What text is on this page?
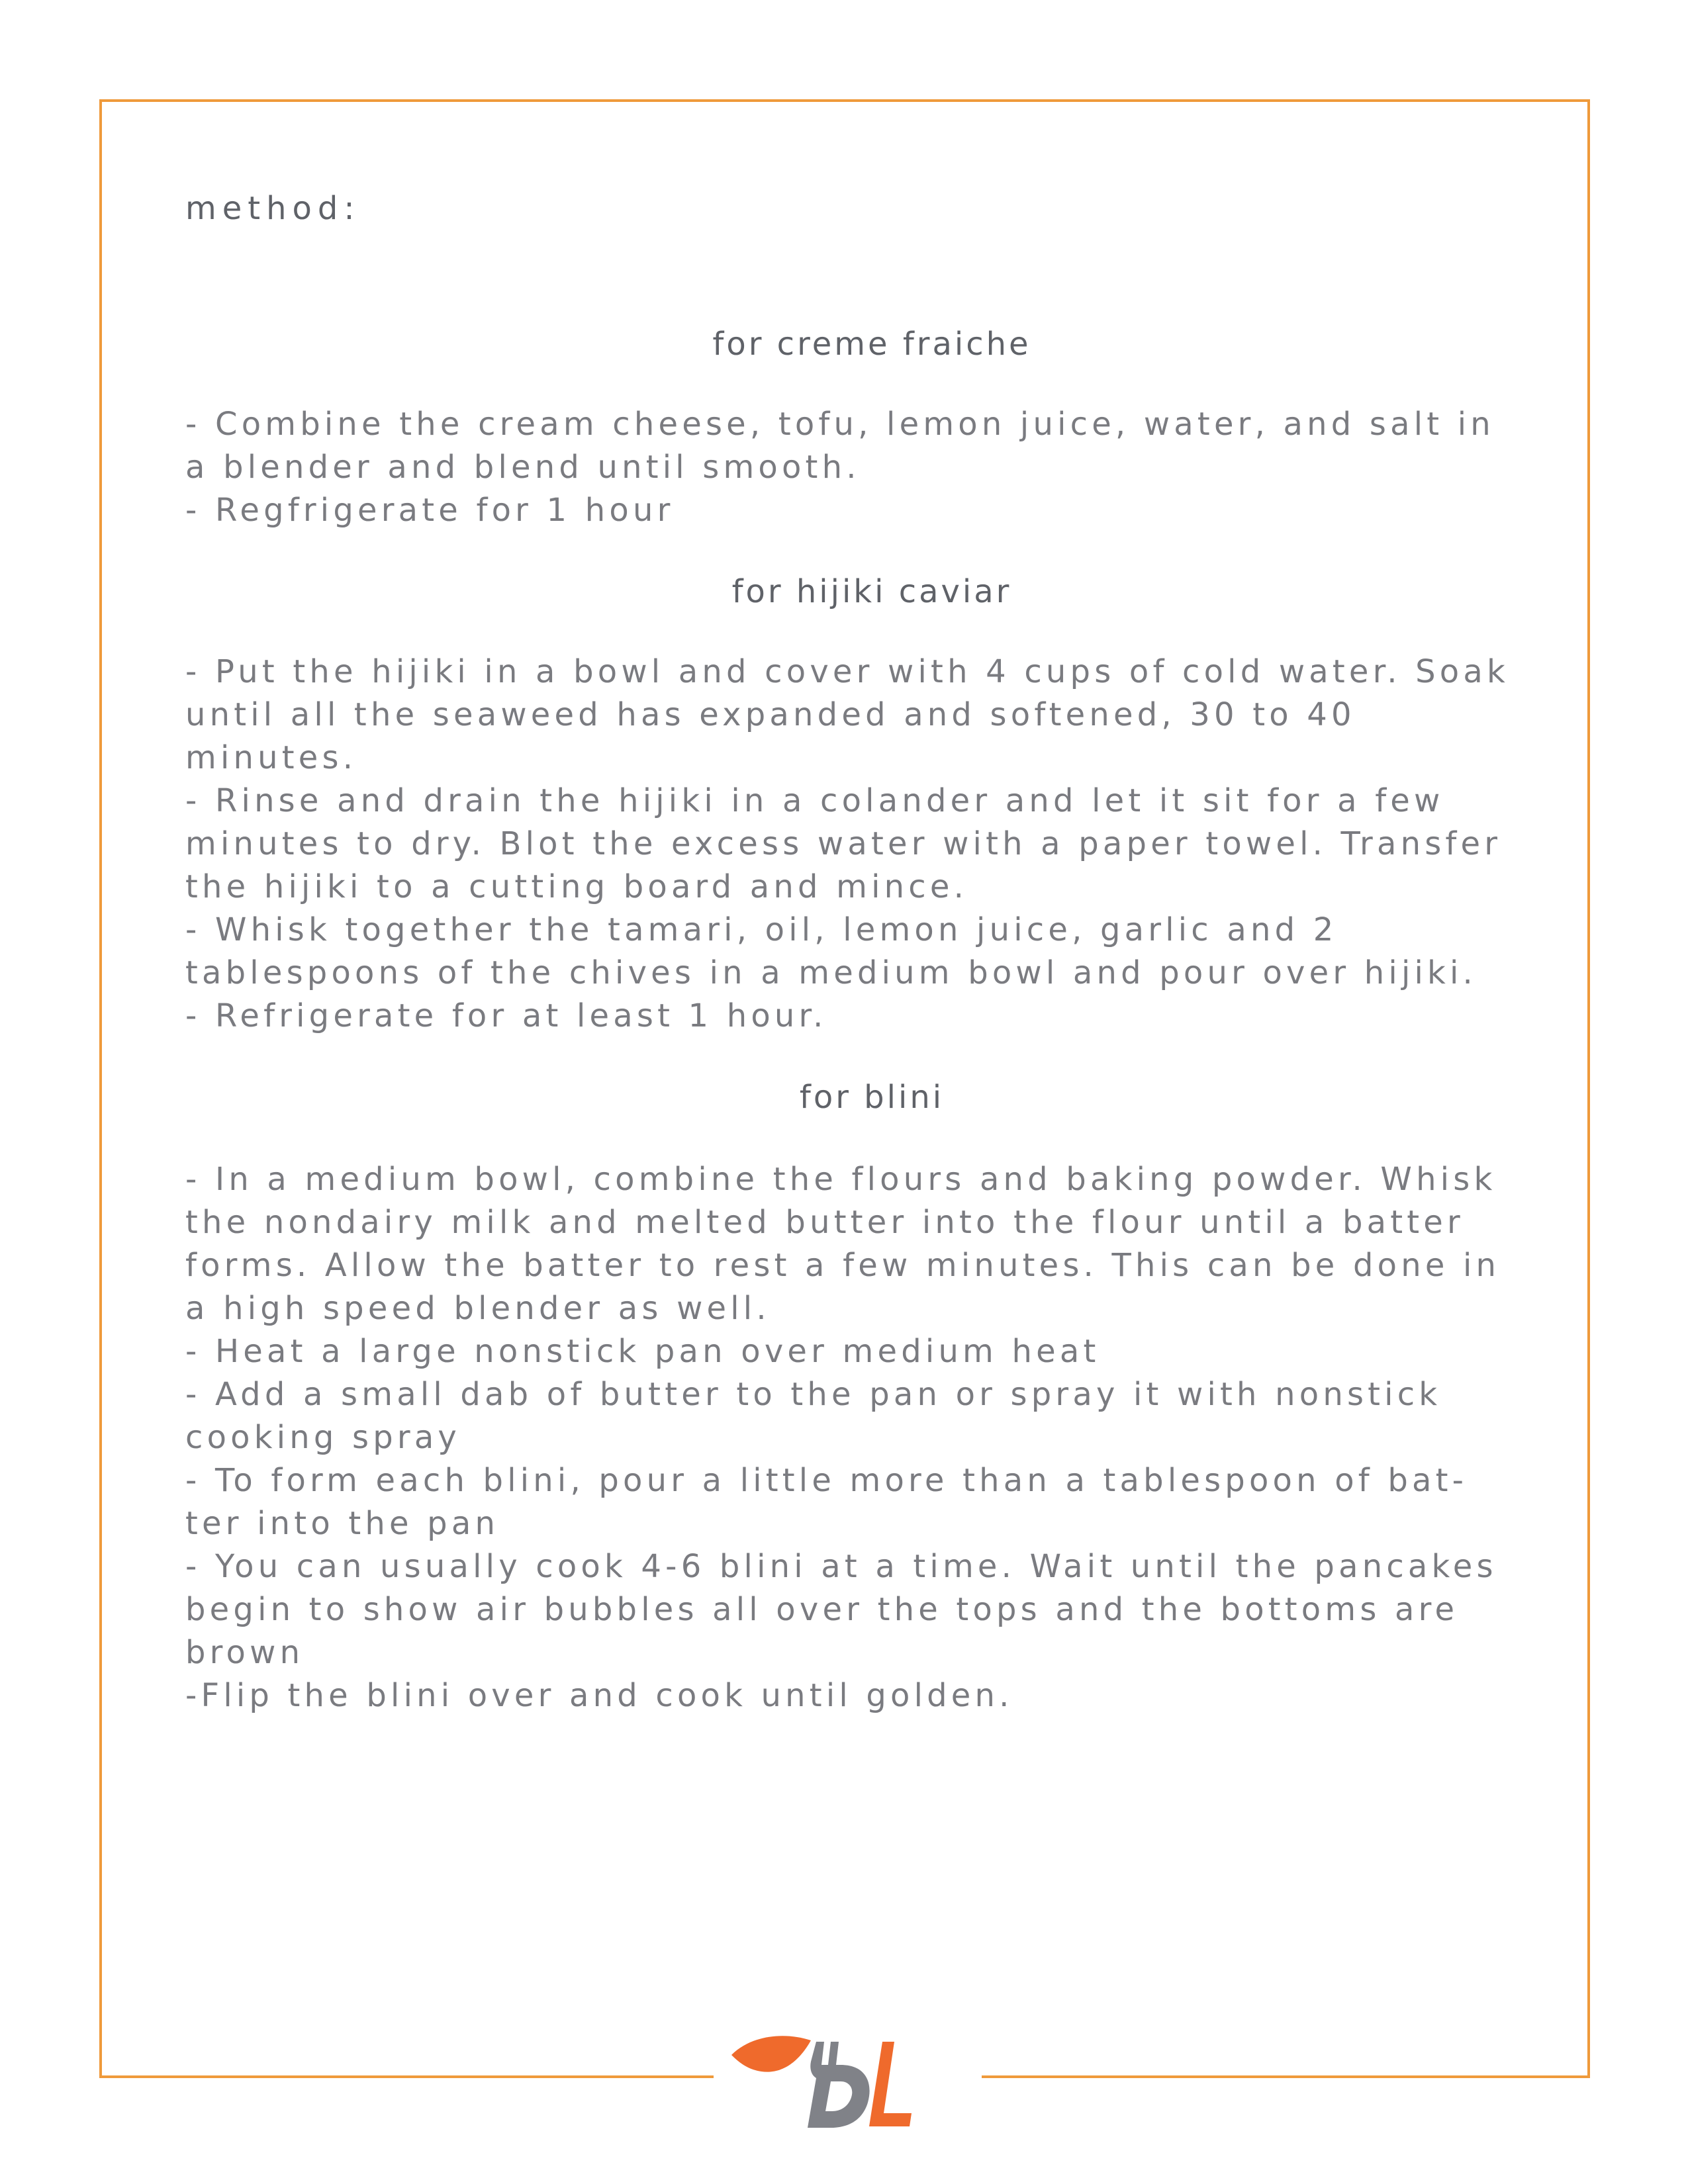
method:

for creme fraiche

- Combine the cream cheese, tofu, lemon juice, water, and salt in a blender and blend until smooth.
- Regfrigerate for 1 hour

for hijiki caviar

- Put the hijiki in a bowl and cover with 4 cups of cold water. Soak until all the seaweed has expanded and softened, 30 to 40 minutes.
- Rinse and drain the hijiki in a colander and let it sit for a few minutes to dry. Blot the excess water with a paper towel. Transfer the hijiki to a cutting board and mince.
- Whisk together the tamari, oil, lemon juice, garlic and 2 tablespoons of the chives in a medium bowl and pour over hijiki.
- Refrigerate for at least 1 hour.

for blini

- In a medium bowl, combine the flours and baking powder. Whisk the nondairy milk and melted butter into the flour until a batter forms. Allow the batter to rest a few minutes. This can be done in a high speed blender as well.
- Heat a large nonstick pan over medium heat
- Add a small dab of butter to the pan or spray it with nonstick cooking spray
- To form each blini, pour a little more than a tablespoon of bat-ter into the pan
- You can usually cook 4-6 blini at a time. Wait until the pancakes begin to show air bubbles all over the tops and the bottoms are brown
-Flip the blini over and cook until golden.
